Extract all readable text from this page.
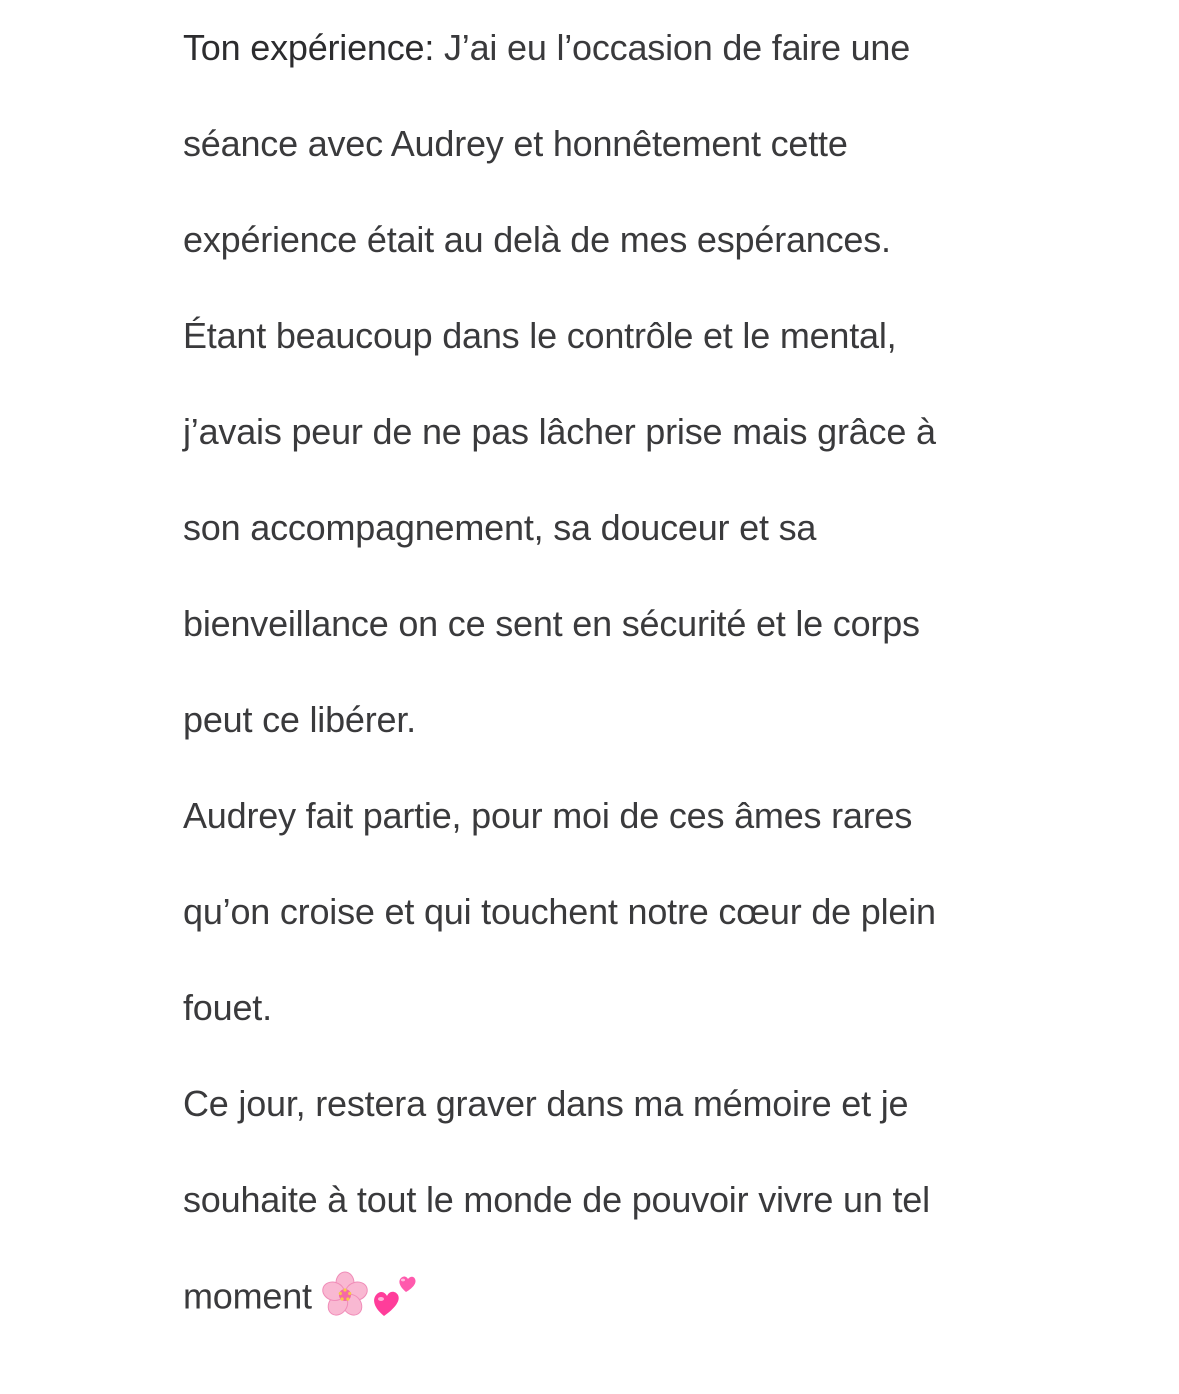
Ton expérience: J’ai eu l’occasion de faire une
séance avec Audrey et honnêtement cette
expérience était au delà de mes espérances.
Étant beaucoup dans le contrôle et le mental,
j’avais peur de ne pas lâcher prise mais grâce à
son accompagnement, sa douceur et sa
bienveillance on ce sent en sécurité et le corps
peut ce libérer.
Audrey fait partie, pour moi de ces âmes rares
qu’on croise et qui touchent notre cœur de plein
fouet.
Ce jour, restera graver dans ma mémoire et je
souhaite à tout le monde de pouvoir vivre un tel
moment
